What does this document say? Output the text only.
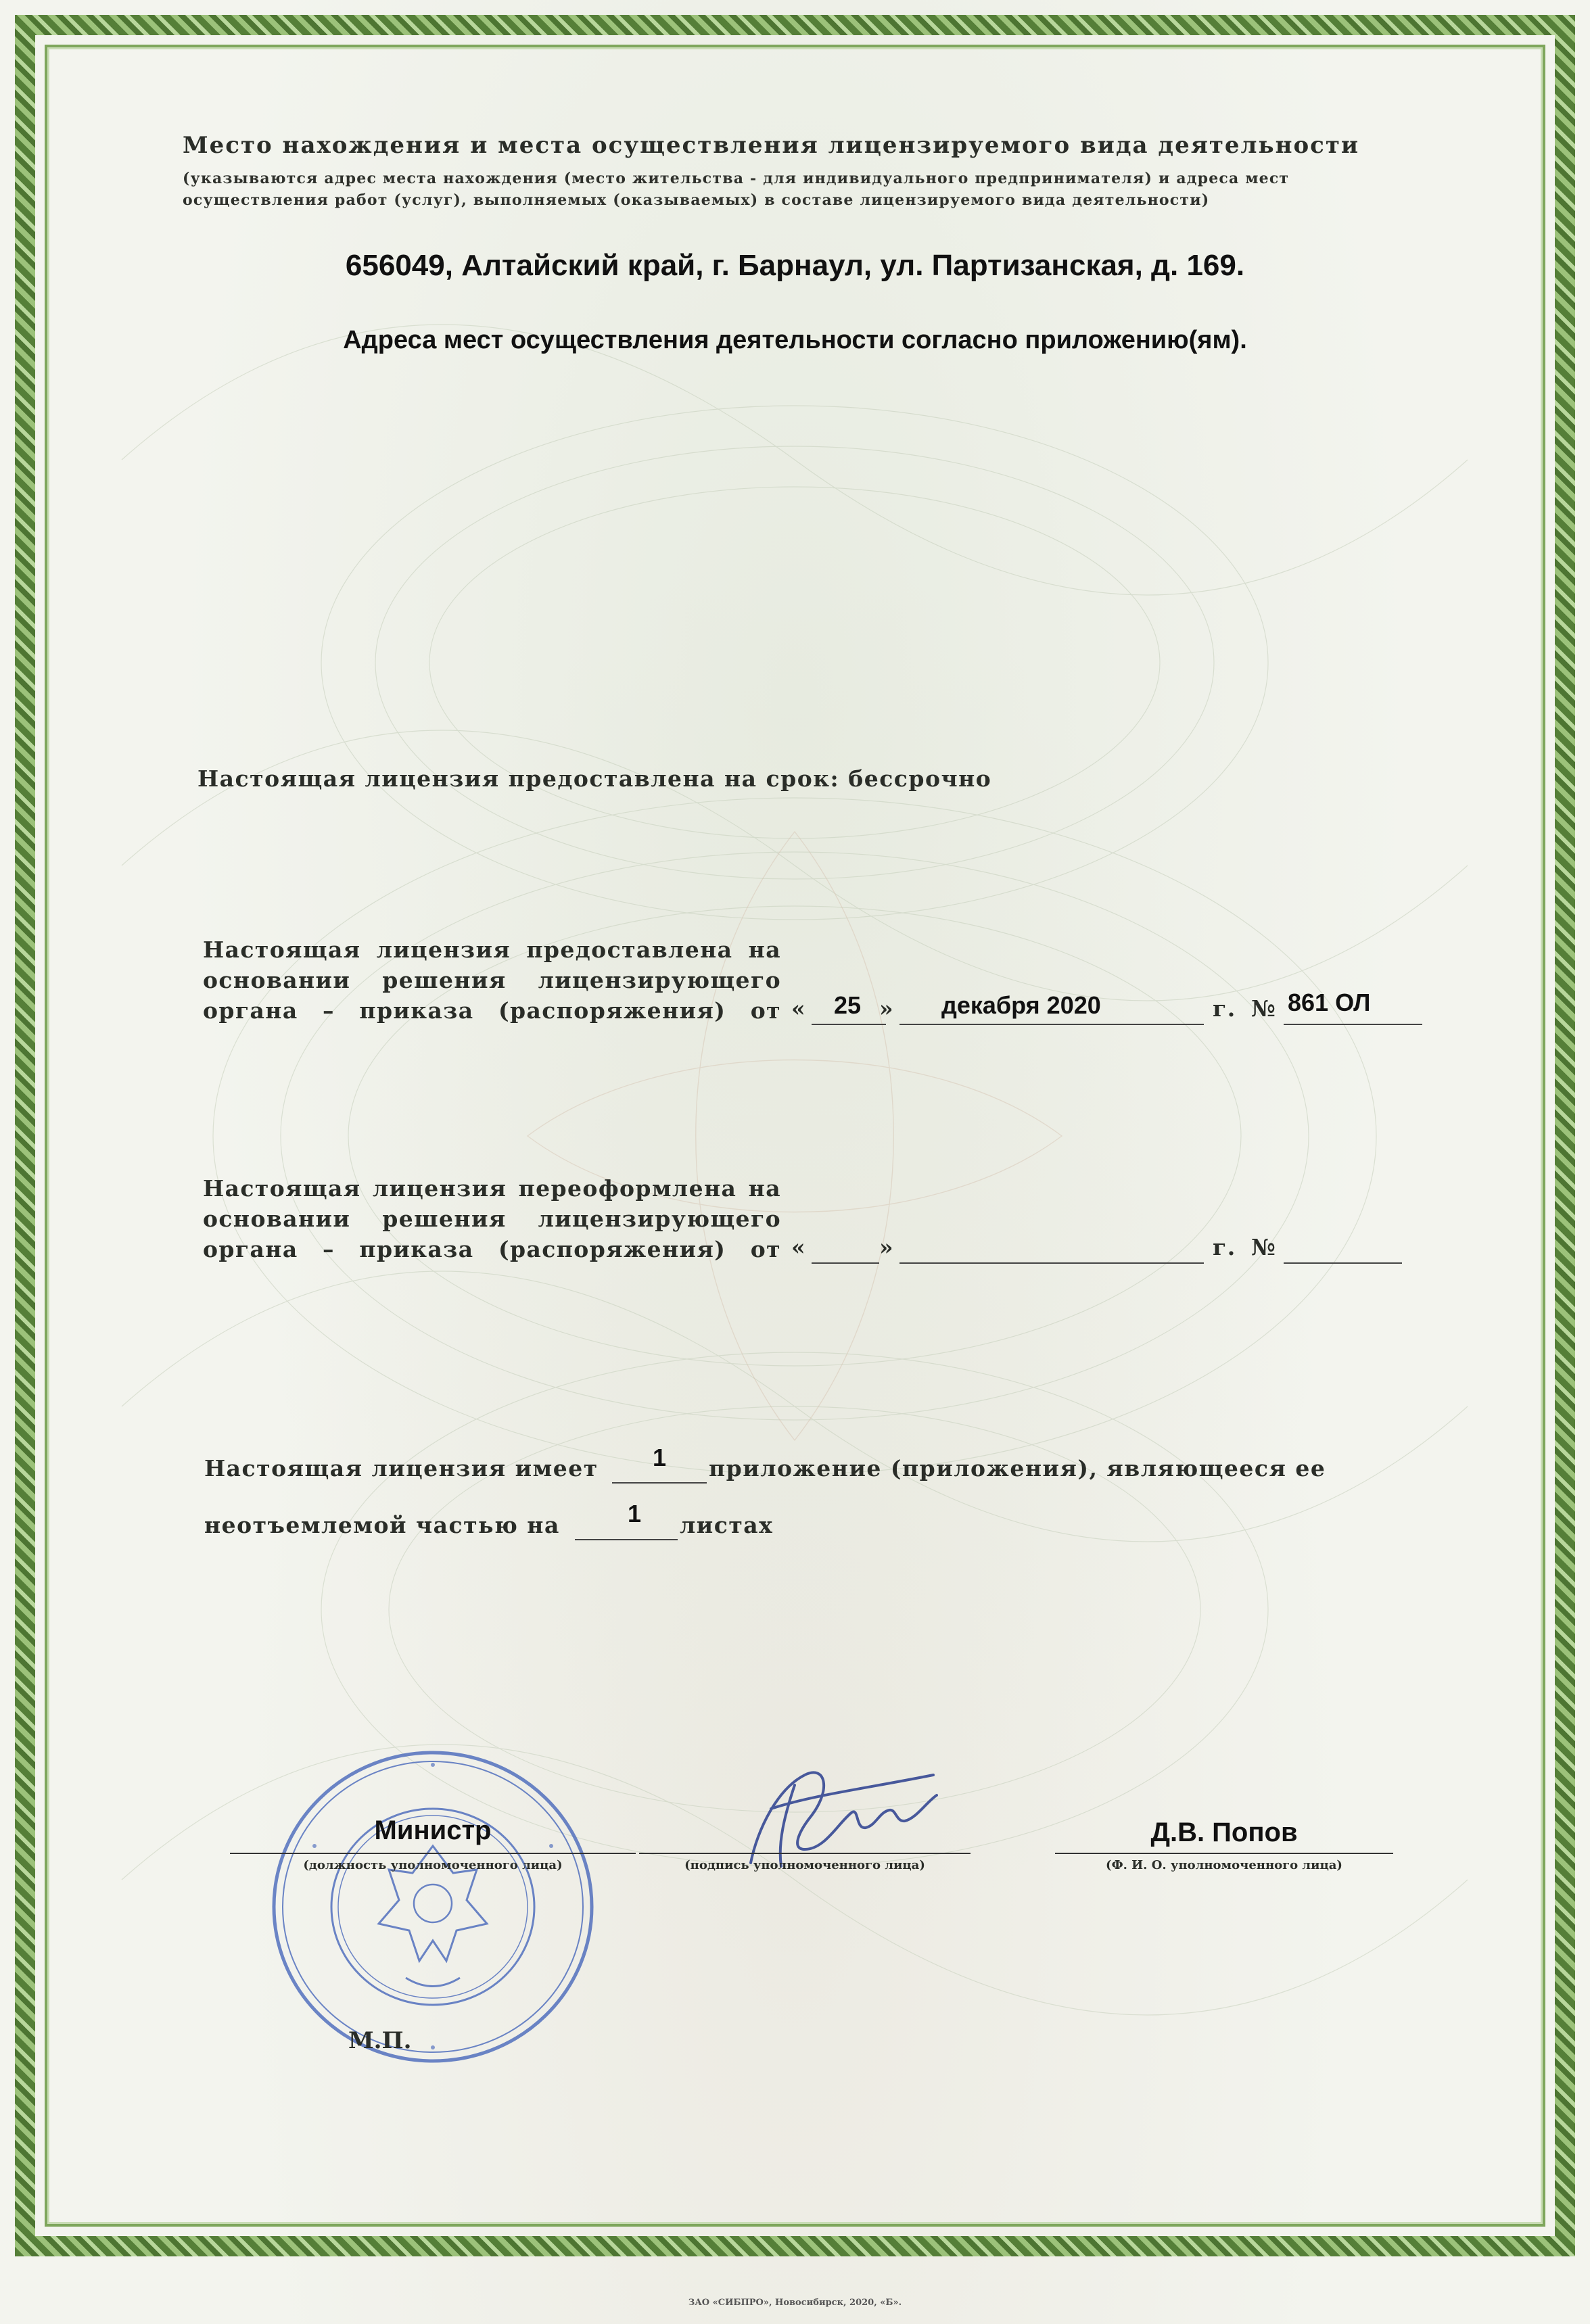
Место нахождения и места осуществления лицензируемого вида деятельности
(указываются адрес места нахождения (место жительства - для индивидуального предпринимателя) и адреса мест
осуществления работ (услуг), выполняемых (оказываемых) в составе лицензируемого вида деятельности)
656049, Алтайский край, г. Барнаул, ул. Партизанская, д. 169.
Адреса мест осуществления деятельности согласно приложению(ям).
Настоящая лицензия предоставлена на срок: бессрочно
Настоящая лицензия предоставлена на
основании решения лицензирующего
органа – приказа (распоряжения) от « 25 » декабря 2020	г. № 861 ОЛ
Настоящая лицензия переоформлена на
основании решения лицензирующего
органа – приказа (распоряжения) от «	»	г. №
Настоящая лицензия имеет 1 приложение (приложения), являющееся ее
неотъемлемой частью на	1 листах
Министр
(должность уполномоченного лица)	(подпись уполномоченного лица)
Д.В. Попов
(Ф. И. О. уполномоченного лица)
М.П.
ЗАО «СИБПРО», Новосибирск, 2020, «Б».
